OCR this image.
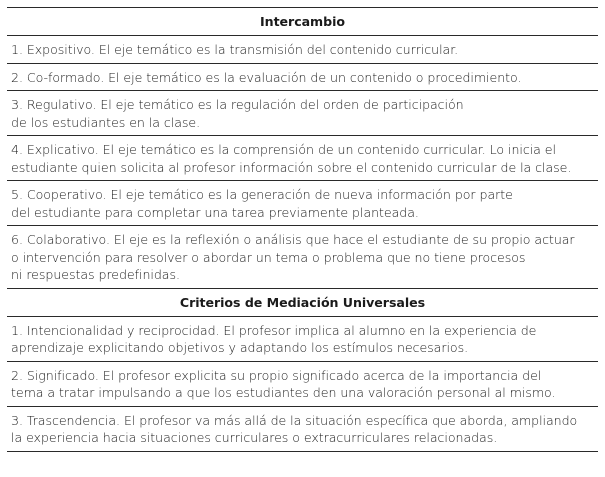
Intercambio
1. Expositivo. El eje temático es la transmisión del contenido curricular.
2. Co-formado. El eje temático es la evaluación de un contenido o procedimiento.
3. Regulativo. El eje temático es la regulación del orden de participación
de los estudiantes en la clase.
4. Explicativo. El eje temático es la comprensión de un contenido curricular. Lo inicia el
estudiante quien solicita al profesor información sobre el contenido curricular de la clase.
5. Cooperativo. El eje temático es la generación de nueva información por parte
del estudiante para completar una tarea previamente planteada.
6. Colaborativo. El eje es la reflexión o análisis que hace el estudiante de su propio actuar
o intervención para resolver o abordar un tema o problema que no tiene procesos
ni respuestas predefinidas.
Criterios de Mediación Universales
1. Intencionalidad y reciprocidad. El profesor implica al alumno en la experiencia de
aprendizaje explicitando objetivos y adaptando los estímulos necesarios.
2. Significado. El profesor explicita su propio significado acerca de la importancia del
tema a tratar impulsando a que los estudiantes den una valoración personal al mismo.
3. Trascendencia. El profesor va más allá de la situación específica que aborda, ampliando
la experiencia hacia situaciones curriculares o extracurriculares relacionadas.
